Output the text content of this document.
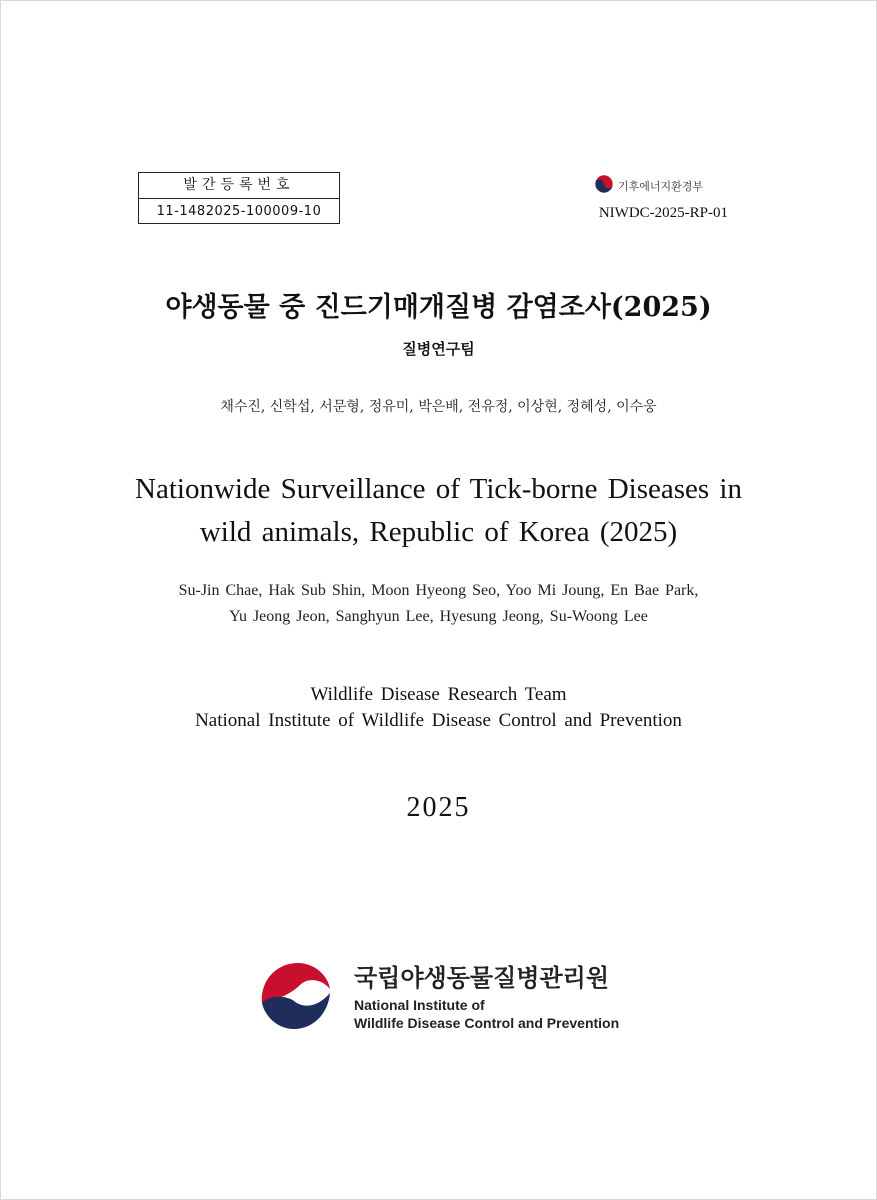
발간등록번호
11-1482025-100009-10
기후에너지환경부
NIWDC-2025-RP-01
야생동물 중 진드기매개질병 감염조사(2025)
질병연구팀
채수진, 신학섭, 서문형, 정유미, 박은배, 전유정, 이상현, 정혜성, 이수웅
Nationwide Surveillance of Tick-borne Diseases in
wild animals, Republic of Korea (2025)
Su-Jin Chae, Hak Sub Shin, Moon Hyeong Seo, Yoo Mi Joung, En Bae Park,
Yu Jeong Jeon, Sanghyun Lee, Hyesung Jeong, Su-Woong Lee
Wildlife Disease Research Team
National Institute of Wildlife Disease Control and Prevention
2025
국립야생동물질병관리원
National Institute of
Wildlife Disease Control and Prevention
